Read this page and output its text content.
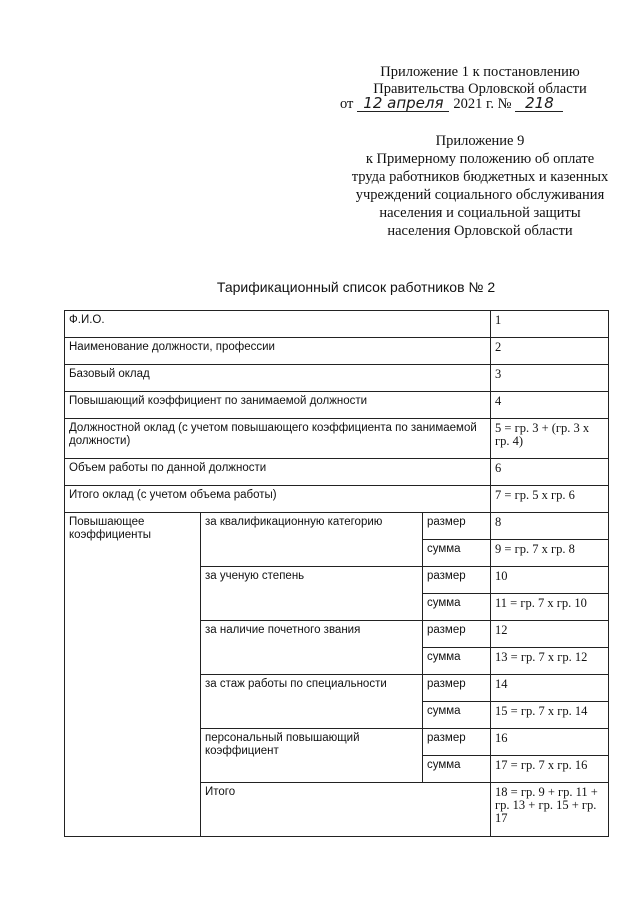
Приложение 1 к постановлению
Правительства Орловской области
от 12 апреля 2021 г. № 218
Приложение 9
к Примерному положению об оплате
труда работников бюджетных и казенных
учреждений социального обслуживания
населения и социальной защиты
населения Орловской области
Тарификационный список работников № 2
Ф.И.О.			1
Наименование должности, профессии			2
Базовый оклад			3
Повышающий коэффициент по занимаемой должности			4
Должностной оклад (с учетом повышающего коэффициента по занимаемой должности)			5 = гр. 3 + (гр. 3 х гр. 4)
Объем работы по данной должности			6
Итого оклад (с учетом объема работы)			7 = гр. 5 х гр. 6
Повышающее коэффициенты	за квалификационную категорию	размер	8
		сумма	9 = гр. 7 х гр. 8
	за ученую степень	размер	10
		сумма	11 = гр. 7 х гр. 10
	за наличие почетного звания	размер	12
		сумма	13 = гр. 7 х гр. 12
	за стаж работы по специальности	размер	14
		сумма	15 = гр. 7 х гр. 14
	персональный повышающий коэффициент	размер	16
		сумма	17 = гр. 7 х гр. 16
	Итого		18 = гр. 9 + гр. 11 + гр. 13 + гр. 15 + гр. 17
